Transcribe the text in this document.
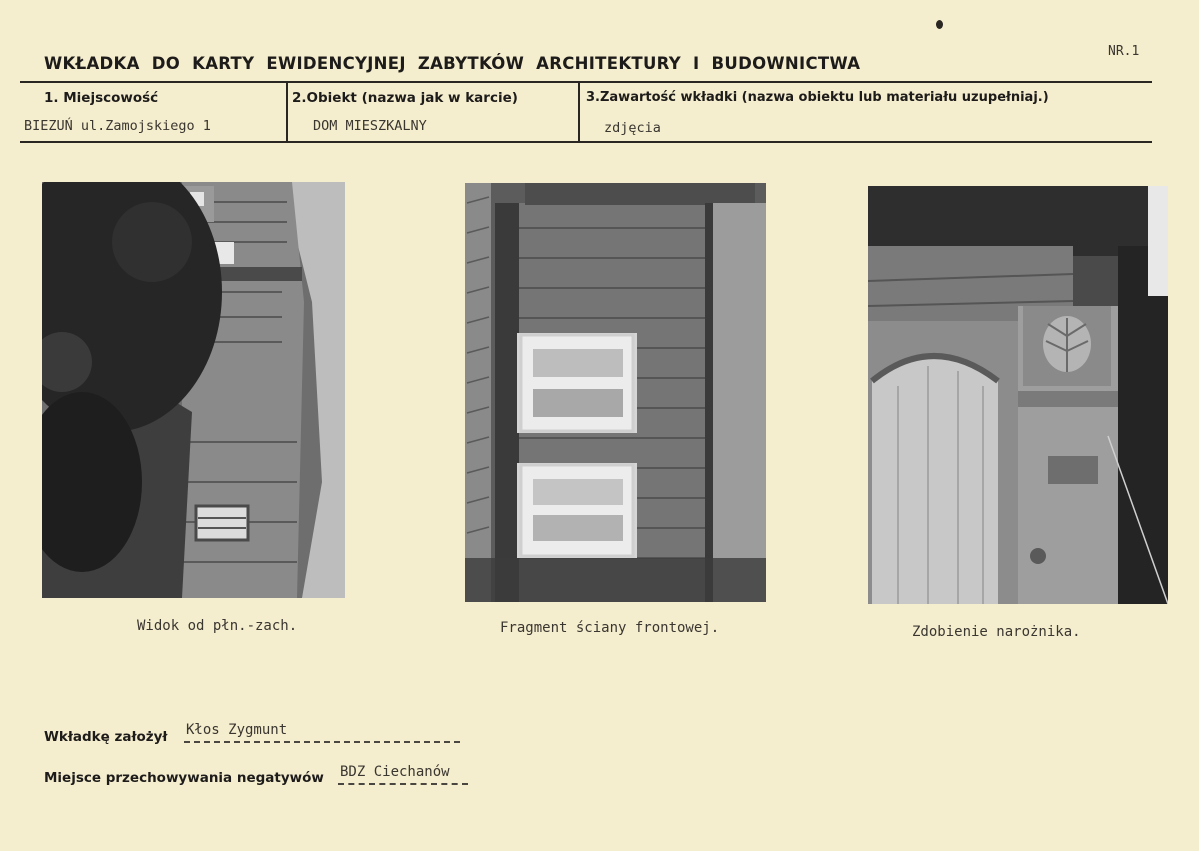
WKŁADKA DO KARTY EWIDENCYJNEJ ZABYTKÓW ARCHITEKTURY I BUDOWNICTWA
NR.1
1. Miejscowość
BIEZUŃ ul.Zamojskiego 1
2.Obiekt (nazwa jak w karcie)
DOM MIESZKALNY
3.Zawartość wkładki (nazwa obiektu lub materiału uzupełniaj.)
zdjęcia
Widok od płn.-zach.	Fragment ściany frontowej.	Zdobienie narożnika.
Wkładkę założył Kłos Zygmunt
Miejsce przechowywania negatywów BDZ Ciechanów
